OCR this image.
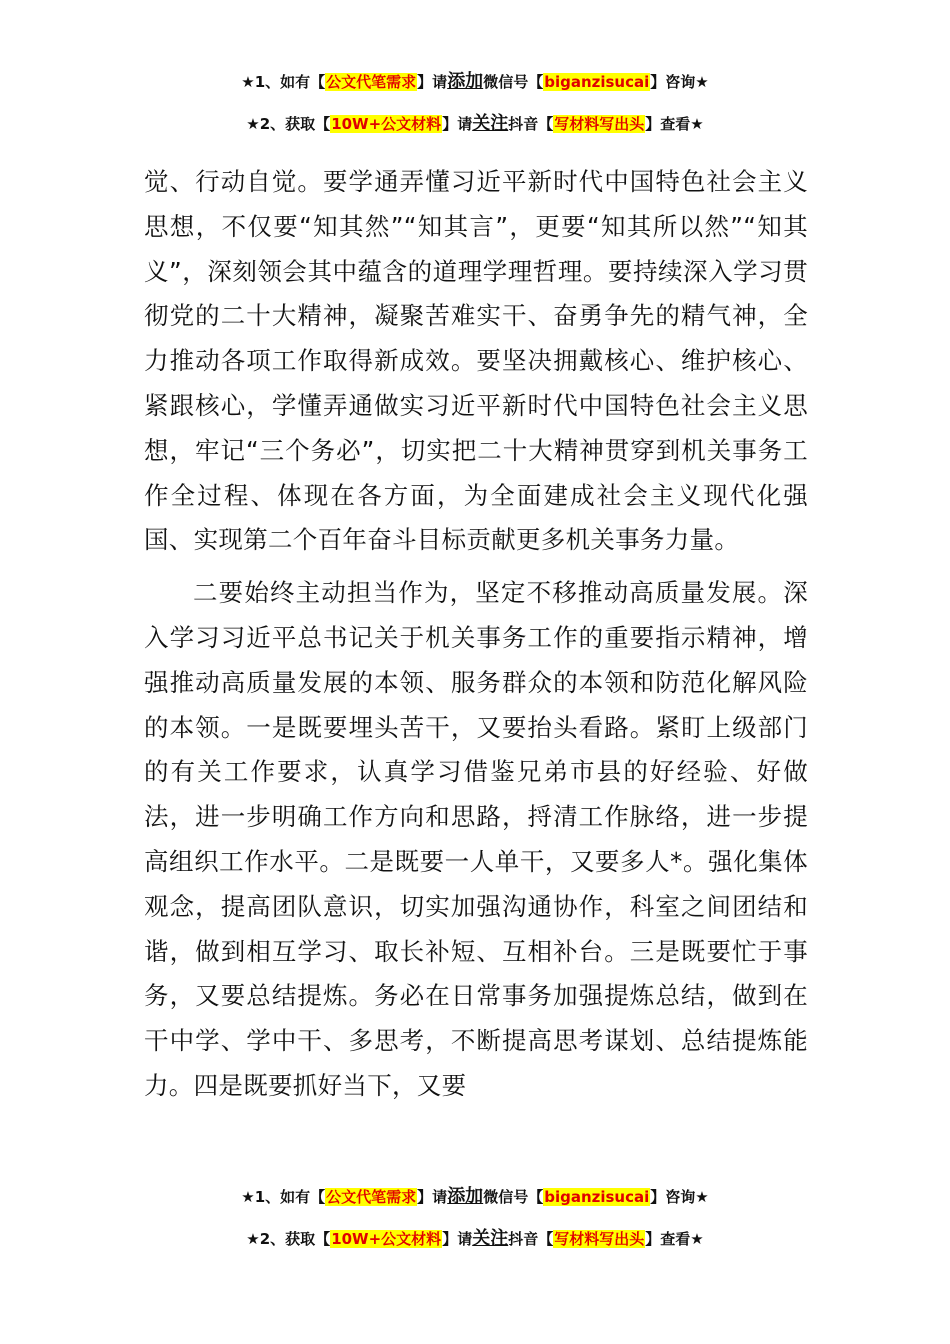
★1、如有【公文代笔需求】请添加微信号【biganzisucai】咨询★
★2、获取【10W+公文材料】请关注抖音【写材料写出头】查看★

觉、行动自觉。要学通弄懂习近平新时代中国特色社会主义思想，不仅要“知其然”“知其言”，更要“知其所以然”“知其义”，深刻领会其中蕴含的道理学理哲理。要持续深入学习贯彻党的二十大精神，凝聚苦难实干、奋勇争先的精气神，全力推动各项工作取得新成效。要坚决拥戴核心、维护核心、紧跟核心，学懂弄通做实习近平新时代中国特色社会主义思想，牢记“三个务必”，切实把二十大精神贯穿到机关事务工作全过程、体现在各方面，为全面建成社会主义现代化强国、实现第二个百年奋斗目标贡献更多机关事务力量。

二要始终主动担当作为，坚定不移推动高质量发展。深入学习习近平总书记关于机关事务工作的重要指示精神，增强推动高质量发展的本领、服务群众的本领和防范化解风险的本领。一是既要埋头苦干，又要抬头看路。紧盯上级部门的有关工作要求，认真学习借鉴兄弟市县的好经验、好做法，进一步明确工作方向和思路，捋清工作脉络，进一步提高组织工作水平。二是既要一人单干，又要多人*。强化集体观念，提高团队意识，切实加强沟通协作，科室之间团结和谐，做到相互学习、取长补短、互相补台。三是既要忙于事务，又要总结提炼。务必在日常事务加强提炼总结，做到在干中学、学中干、多思考，不断提高思考谋划、总结提炼能力。四是既要抓好当下，又要

★1、如有【公文代笔需求】请添加微信号【biganzisucai】咨询★
★2、获取【10W+公文材料】请关注抖音【写材料写出头】查看★
